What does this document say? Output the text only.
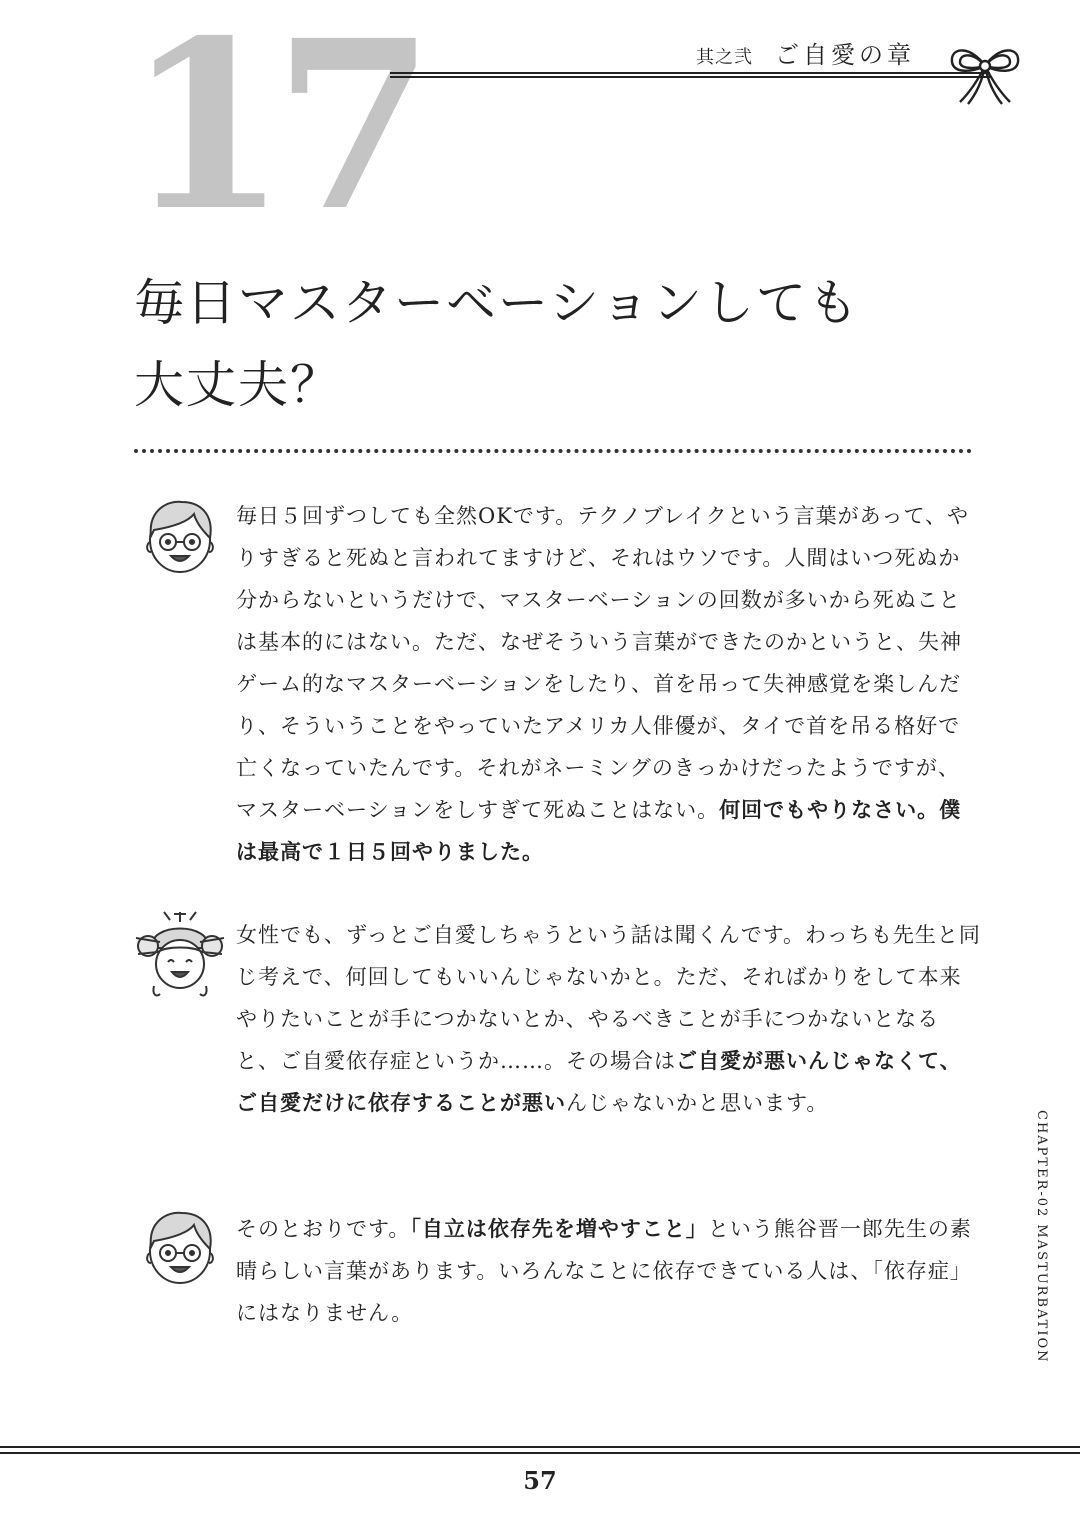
17	其之弐 ご自愛の章
毎日マスターベーションしても
大丈夫？

毎日５回ずつしても全然OKです。テクノブレイクという言葉があって、やりすぎると死ぬと言われてますけど、それはウソです。人間はいつ死ぬか分からないというだけで、マスターベーションの回数が多いから死ぬことは基本的にはない。ただ、なぜそういう言葉ができたのかというと、失神ゲーム的なマスターベーションをしたり、首を吊って失神感覚を楽しんだり、そういうことをやっていたアメリカ人俳優が、タイで首を吊る格好で亡くなっていたんです。それがネーミングのきっかけだったようですが、マスターベーションをしすぎて死ぬことはない。何回でもやりなさい。僕は最高で１日５回やりました。

女性でも、ずっとご自愛しちゃうという話は聞くんです。わっちも先生と同じ考えで、何回してもいいんじゃないかと。ただ、そればかりをして本来やりたいことが手につかないとか、やるべきことが手につかないとなると、ご自愛依存症というか……。その場合はご自愛が悪いんじゃなくて、ご自愛だけに依存することが悪いんじゃないかと思います。

そのとおりです。「自立は依存先を増やすこと」という熊谷晋一郎先生の素晴らしい言葉があります。いろんなことに依存できている人は、「依存症」にはなりません。	CHAPTER-02 MASTURBATION
57
